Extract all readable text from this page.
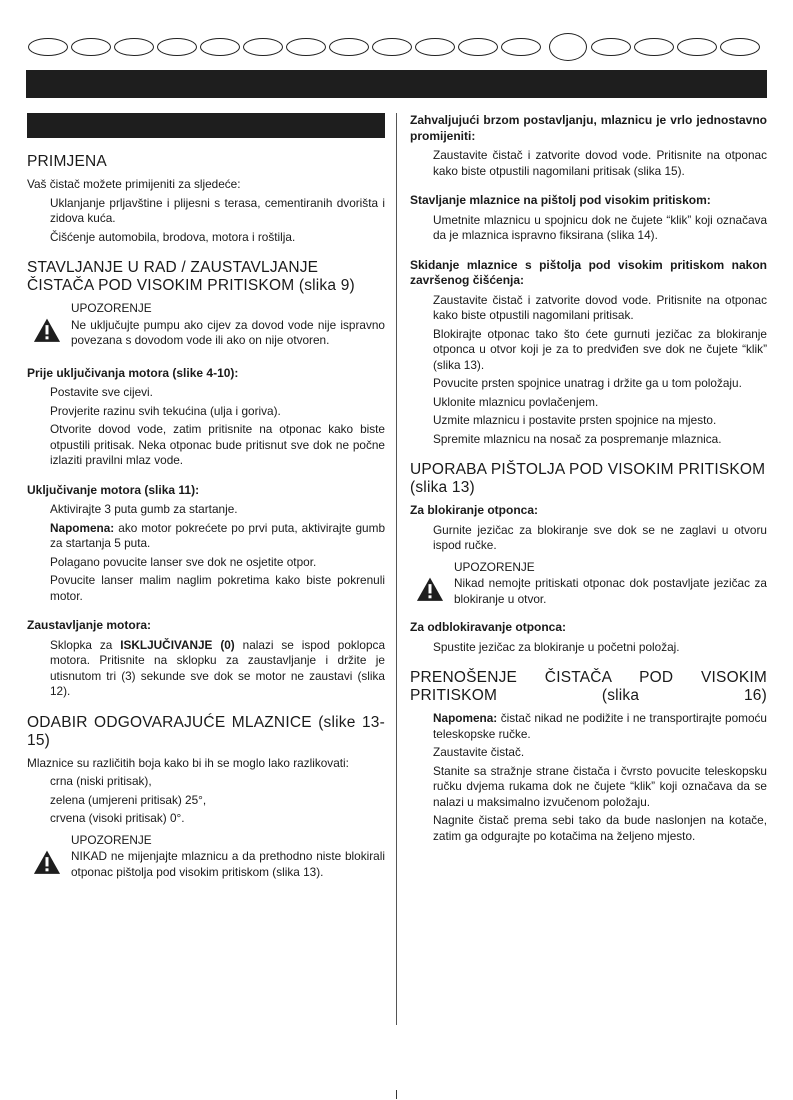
PRIMJENA

Vaš čistač možete primijeniti za sljedeće:

Uklanjanje prljavštine i plijesni s terasa, cementiranih dvorišta i zidova kuća.

Čišćenje automobila, brodova, motora i roštilja.

STAVLJANJE U RAD / ZAUSTAVLJANJE ČISTAČA POD VISOKIM PRITISKOM (slika 9)

UPOZORENJE

Ne uključujte pumpu ako cijev za dovod vode nije ispravno povezana s dovodom vode ili ako on nije otvoren.

Prije uključivanja motora (slike 4-10):

Postavite sve cijevi.

Provjerite razinu svih tekućina (ulja i goriva).

Otvorite dovod vode, zatim pritisnite na otponac kako biste otpustili pritisak. Neka otponac bude pritisnut sve dok ne počne izlaziti pravilni mlaz vode.

Uključivanje motora (slika 11):

Aktivirajte 3 puta gumb za startanje.

Napomena: ako motor pokrećete po prvi puta, aktivirajte gumb za startanja 5 puta.

Polagano povucite lanser sve dok ne osjetite otpor.

Povucite lanser malim naglim pokretima kako biste pokrenuli motor.

Zaustavljanje motora:

Sklopka za ISKLJUČIVANJE (0) nalazi se ispod poklopca motora. Pritisnite na sklopku za zaustavljanje i držite je utisnutom tri (3) sekunde sve dok se motor ne zaustavi (slika 12).

ODABIR ODGOVARAJUĆE MLAZNICE (slike 13-15)

Mlaznice su različitih boja kako bi ih se moglo lako razlikovati:

crna (niski pritisak),

zelena (umjereni pritisak) 25°,

crvena (visoki pritisak) 0°.

UPOZORENJE

NIKAD ne mijenjajte mlaznicu a da prethodno niste blokirali otponac pištolja pod visokim pritiskom (slika 13).

Zahvaljujući brzom postavljanju, mlaznicu je vrlo jednostavno promijeniti:

Zaustavite čistač i zatvorite dovod vode. Pritisnite na otponac kako biste otpustili nagomilani pritisak (slika 15).

Stavljanje mlaznice na pištolj pod visokim pritiskom:

Umetnite mlaznicu u spojnicu dok ne čujete “klik” koji označava da je mlaznica ispravno fiksirana (slika 14).

Skidanje mlaznice s pištolja pod visokim pritiskom nakon završenog čišćenja:

Zaustavite čistač i zatvorite dovod vode. Pritisnite na otponac kako biste otpustili nagomilani pritisak.

Blokirajte otponac tako što ćete gurnuti jezičac za blokiranje otponca u otvor koji je za to predviđen sve dok ne čujete “klik” (slika 13).

Povucite prsten spojnice unatrag i držite ga u tom položaju.

Uklonite mlaznicu povlačenjem.

Uzmite mlaznicu i postavite prsten spojnice na mjesto.

Spremite mlaznicu na nosač za pospremanje mlaznica.

UPORABA PIŠTOLJA POD VISOKIM PRITISKOM (slika 13)
Za blokiranje otponca:

Gurnite jezičac za blokiranje sve dok se ne zaglavi u otvoru ispod ručke.

UPOZORENJE

Nikad nemojte pritiskati otponac dok postavljate jezičac za blokiranje u otvor.

Za odblokiravanje otponca:

Spustite jezičac za blokiranje u početni položaj.

PRENOŠENJE ČISTAČA POD VISOKIM PRITISKOM (slika 16)

Napomena: čistač nikad ne podižite i ne transportirajte pomoću teleskopske ručke.

Zaustavite čistač.

Stanite sa stražnje strane čistača i čvrsto povucite teleskopsku ručku dvjema rukama dok ne čujete “klik” koji označava da se nalazi u maksimalno izvučenom položaju.

Nagnite čistač prema sebi tako da bude naslonjen na kotače, zatim ga odgurajte po kotačima na željeno mjesto.
